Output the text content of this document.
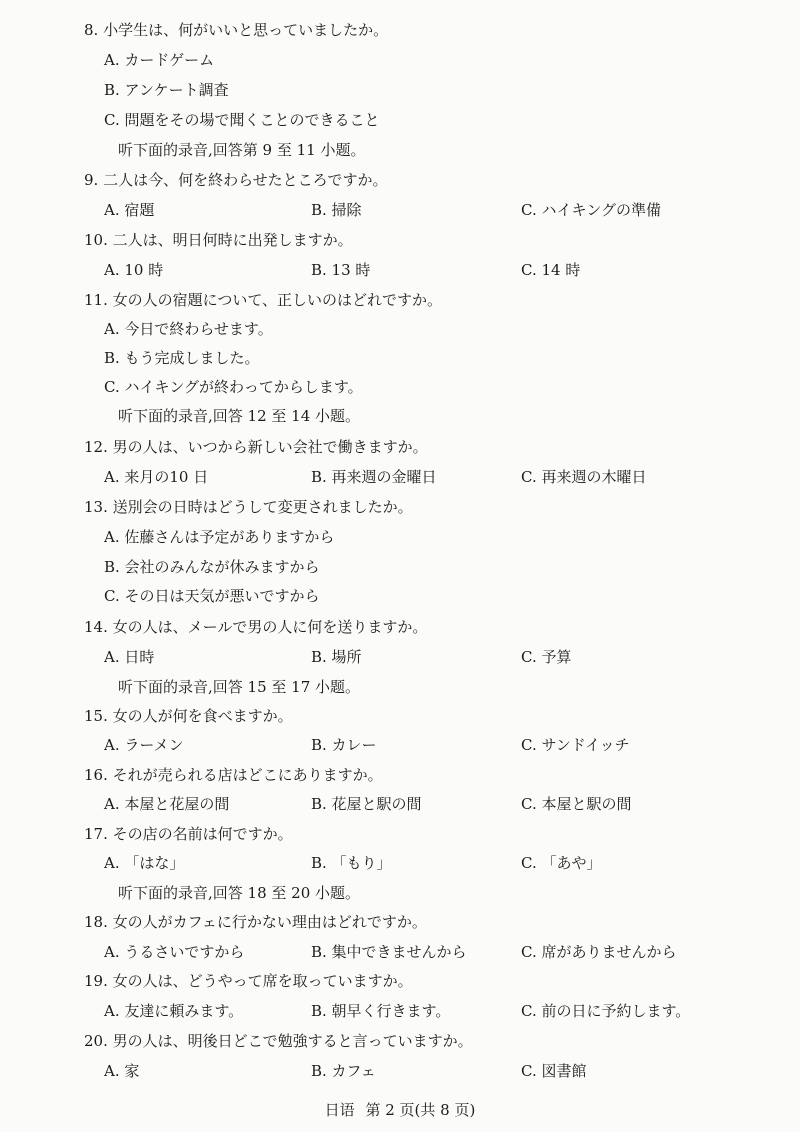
8. 小学生は、何がいいと思っていましたか。
A. カードゲーム
B. アンケート調査
C. 問題をその場で聞くことのできること
听下面的录音,回答第 9 至 11 小题。
9. 二人は今、何を終わらせたところですか。
A. 宿題	B. 掃除	C. ハイキングの準備
10. 二人は、明日何時に出発しますか。
A. 10 時	B. 13 時	C. 14 時
11. 女の人の宿題について、正しいのはどれですか。
A. 今日で終わらせます。
B. もう完成しました。
C. ハイキングが終わってからします。
听下面的录音,回答 12 至 14 小题。
12. 男の人は、いつから新しい会社で働きますか。
A. 来月の10 日	B. 再来週の金曜日	C. 再来週の木曜日
13. 送別会の日時はどうして変更されましたか。
A. 佐藤さんは予定がありますから
B. 会社のみんなが休みますから
C. その日は天気が悪いですから
14. 女の人は、メールで男の人に何を送りますか。
A. 日時	B. 場所	C. 予算
听下面的录音,回答 15 至 17 小题。
15. 女の人が何を食べますか。
A. ラーメン	B. カレー	C. サンドイッチ
16. それが売られる店はどこにありますか。
A. 本屋と花屋の間	B. 花屋と駅の間	C. 本屋と駅の間
17. その店の名前は何ですか。
A. 「はな」	B. 「もり」	C. 「あや」
听下面的录音,回答 18 至 20 小题。
18. 女の人がカフェに行かない理由はどれですか。
A. うるさいですから	B. 集中できませんから	C. 席がありませんから
19. 女の人は、どうやって席を取っていますか。
A. 友達に頼みます。	B. 朝早く行きます。	C. 前の日に予約します。
20. 男の人は、明後日どこで勉強すると言っていますか。
A. 家	B. カフェ	C. 図書館
日语 第 2 页(共 8 页)
